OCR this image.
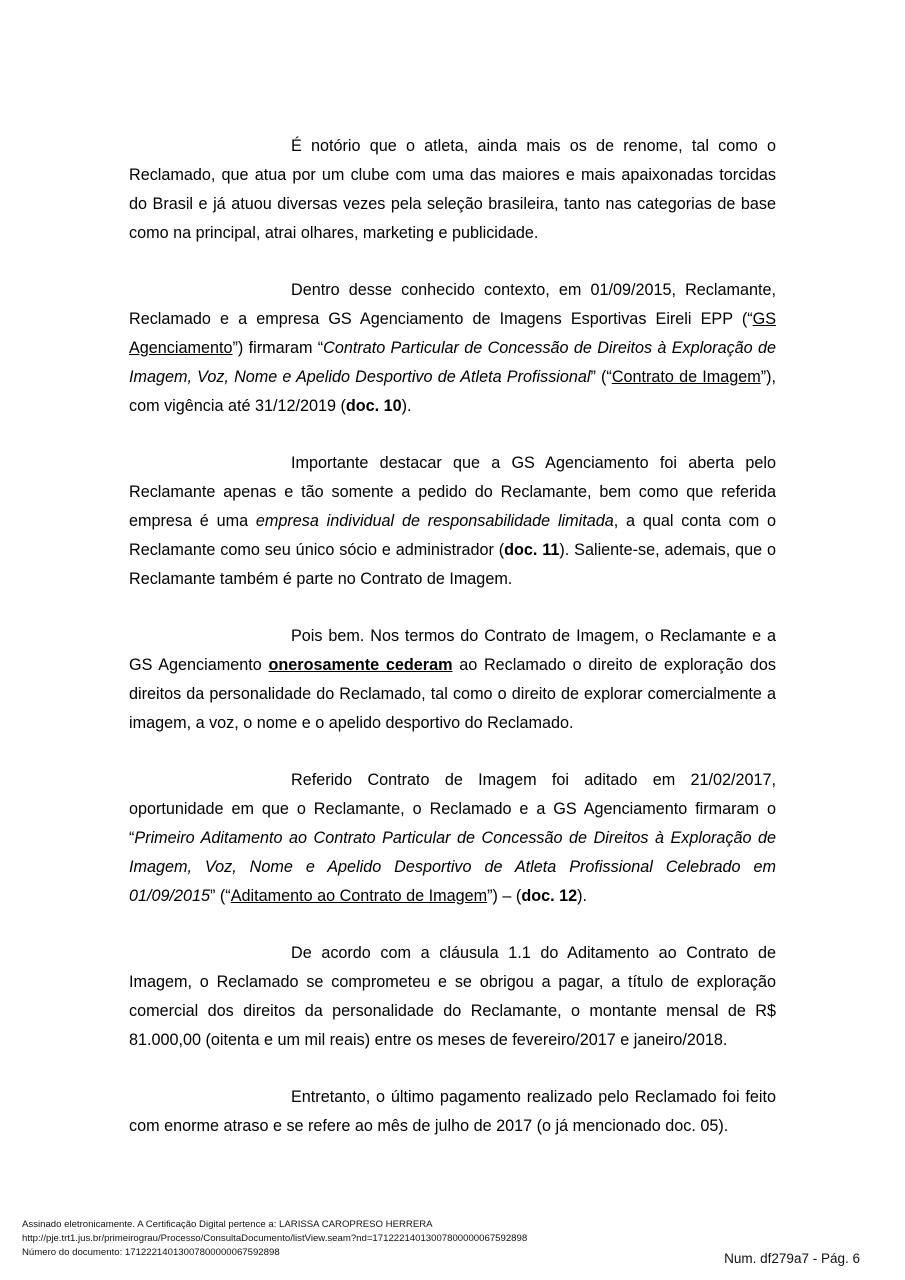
É notório que o atleta, ainda mais os de renome, tal como o Reclamado, que atua por um clube com uma das maiores e mais apaixonadas torcidas do Brasil e já atuou diversas vezes pela seleção brasileira, tanto nas categorias de base como na principal, atrai olhares, marketing e publicidade.

Dentro desse conhecido contexto, em 01/09/2015, Reclamante, Reclamado e a empresa GS Agenciamento de Imagens Esportivas Eireli EPP (“GS Agenciamento”) firmaram “Contrato Particular de Concessão de Direitos à Exploração de Imagem, Voz, Nome e Apelido Desportivo de Atleta Profissional” (“Contrato de Imagem”), com vigência até 31/12/2019 (doc. 10).

Importante destacar que a GS Agenciamento foi aberta pelo Reclamante apenas e tão somente a pedido do Reclamante, bem como que referida empresa é uma empresa individual de responsabilidade limitada, a qual conta com o Reclamante como seu único sócio e administrador (doc. 11). Saliente-se, ademais, que o Reclamante também é parte no Contrato de Imagem.

Pois bem. Nos termos do Contrato de Imagem, o Reclamante e a GS Agenciamento onerosamente cederam ao Reclamado o direito de exploração dos direitos da personalidade do Reclamado, tal como o direito de explorar comercialmente a imagem, a voz, o nome e o apelido desportivo do Reclamado.

Referido Contrato de Imagem foi aditado em 21/02/2017, oportunidade em que o Reclamante, o Reclamado e a GS Agenciamento firmaram o “Primeiro Aditamento ao Contrato Particular de Concessão de Direitos à Exploração de Imagem, Voz, Nome e Apelido Desportivo de Atleta Profissional Celebrado em 01/09/2015” (“Aditamento ao Contrato de Imagem”) – (doc. 12).

De acordo com a cláusula 1.1 do Aditamento ao Contrato de Imagem, o Reclamado se comprometeu e se obrigou a pagar, a título de exploração comercial dos direitos da personalidade do Reclamante, o montante mensal de R$ 81.000,00 (oitenta e um mil reais) entre os meses de fevereiro/2017 e janeiro/2018.

Entretanto, o último pagamento realizado pelo Reclamado foi feito com enorme atraso e se refere ao mês de julho de 2017 (o já mencionado doc. 05).

Assinado eletronicamente. A Certificação Digital pertence a: LARISSA CAROPRESO HERRERA
http://pje.trt1.jus.br/primeirograu/Processo/ConsultaDocumento/listView.seam?nd=17122214013007800000067592898
Número do documento: 17122214013007800000067592898	Num. df279a7 - Pág. 6
